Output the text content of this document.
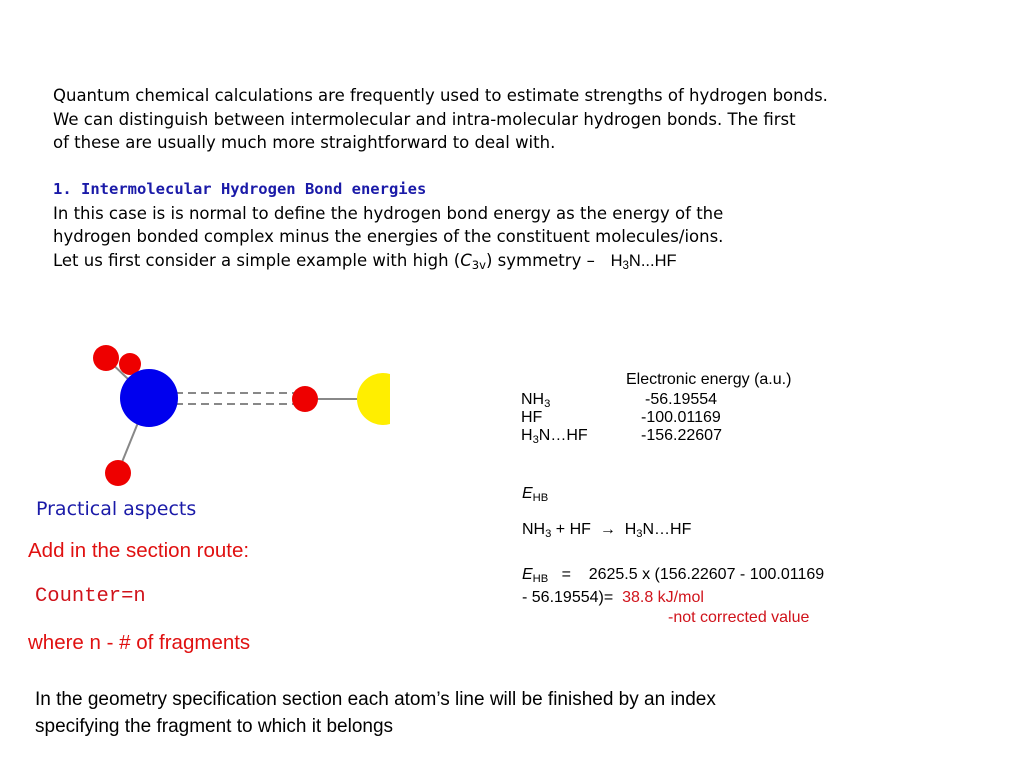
Quantum chemical calculations are frequently used to estimate strengths of hydrogen bonds.
We can distinguish between intermolecular and intra-molecular hydrogen bonds. The first
of these are usually much more straightforward to deal with.
1. Intermolecular Hydrogen Bond energies
In this case is is normal to define the hydrogen bond energy as the energy of the
hydrogen bonded complex minus the energies of the constituent molecules/ions.
Let us first consider a simple example with high $(C_{3v})$ symmetry – $H_3N...HF$
Electronic energy (a.u.)
$NH_3$	-56.19554
HF	-100.01169
$H_3N\dots HF$	-156.22607
$E_{HB}$
$NH_3$ + HF  → $H_3N\dots HF$
$E_{HB} = 2625.5$ x (156.22607 - 100.01169
- 56.19554)=  38.8 kJ/mol
-not corrected value
Practical aspects
Add in the section route:
Counter=n
where n - # of fragments
In the geometry specification section each atom’s line will be finished by an index
specifying the fragment to which it belongs
